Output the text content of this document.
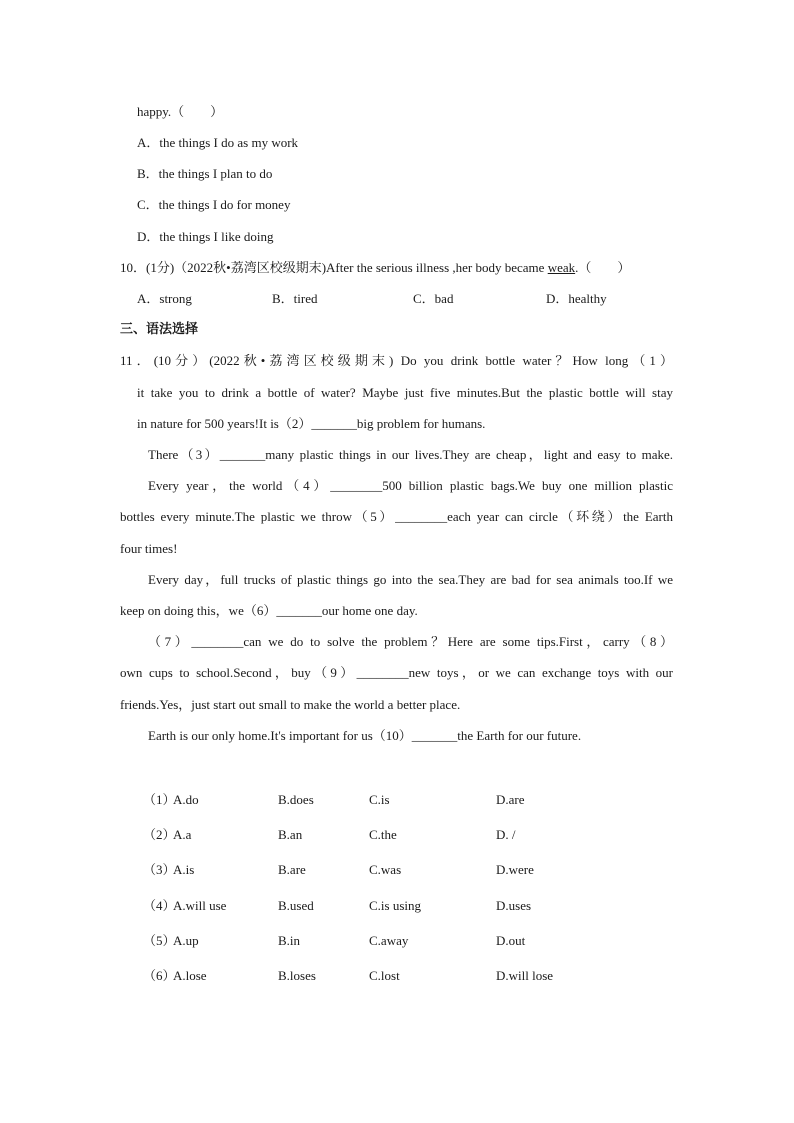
happy.（　　）
A．the things I do as my work
B．the things I plan to do
C．the things I do for money
D．the things I like doing
10．(1分)（2022秋•荔湾区校级期末)After the serious illness ,her body became weak.（　　）
A．strong	B．tired	C．bad	D．healthy
三、语法选择
11．(10分）(2022秋•荔湾区校级期末) Do you drink bottle water？How long（1）
it take you to drink a bottle of water? Maybe just five minutes.But the plastic bottle will stay
in nature for 500 years!It is（2）_______big problem for humans.
There（3）_______many plastic things in our lives.They are cheap，light and easy to make.
Every year，the world（4）________500 billion plastic bags.We buy one million plastic
bottles every minute.The plastic we throw（5）________each year can circle（环绕）the Earth
four times!
Every day，full trucks of plastic things go into the sea.They are bad for sea animals too.If we
keep on doing this，we（6）_______our home one day.
（7）________can we do to solve the problem？Here are some tips.First，carry（8）
own cups to school.Second，buy（9）________new toys，or we can exchange toys with our
friends.Yes，just start out small to make the world a better place.
Earth is our only home.It's important for us（10）_______the Earth for our future.
（1）
A.do	B.does	C.is	D.are
（2）
A.a	B.an	C.the	D. /
（3）
A.is	B.are	C.was	D.were
（4）
A.will use	B.used	C.is using	D.uses
（5）
A.up	B.in	C.away	D.out
（6）
A.lose	B.loses	C.lost	D.will lose
